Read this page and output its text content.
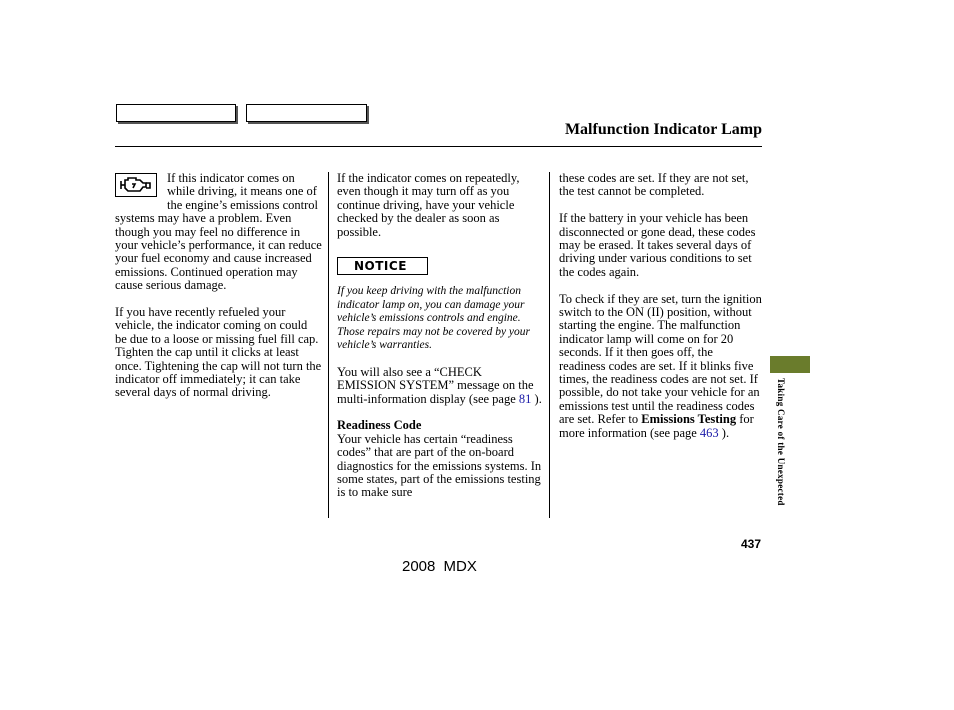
Malfunction Indicator Lamp

If this indicator comes on while driving, it means one of the engine’s emissions control systems may have a problem. Even though you may feel no difference in your vehicle’s performance, it can reduce your fuel economy and cause increased emissions. Continued operation may cause serious damage.

If you have recently refueled your vehicle, the indicator coming on could be due to a loose or missing fuel fill cap. Tighten the cap until it clicks at least once. Tightening the cap will not turn the indicator off immediately; it can take several days of normal driving.

If the indicator comes on repeatedly, even though it may turn off as you continue driving, have your vehicle checked by the dealer as soon as possible.

NOTICE

If you keep driving with the malfunction indicator lamp on, you can damage your vehicle’s emissions controls and engine. Those repairs may not be covered by your vehicle’s warranties.

You will also see a “CHECK EMISSION SYSTEM” message on the multi-information display (see page 81 ).

Readiness Code

Your vehicle has certain “readiness codes” that are part of the on-board diagnostics for the emissions systems. In some states, part of the emissions testing is to make sure

these codes are set. If they are not set, the test cannot be completed.

If the battery in your vehicle has been disconnected or gone dead, these codes may be erased. It takes several days of driving under various conditions to set the codes again.

To check if they are set, turn the ignition switch to the ON (II) position, without starting the engine. The malfunction indicator lamp will come on for 20 seconds. If it then goes off, the readiness codes are set. If it blinks five times, the readiness codes are not set. If possible, do not take your vehicle for an emissions test until the readiness codes are set. Refer to Emissions Testing for more information (see page 463 ).	Taking Care of the Unexpected
437
2008 MDX
